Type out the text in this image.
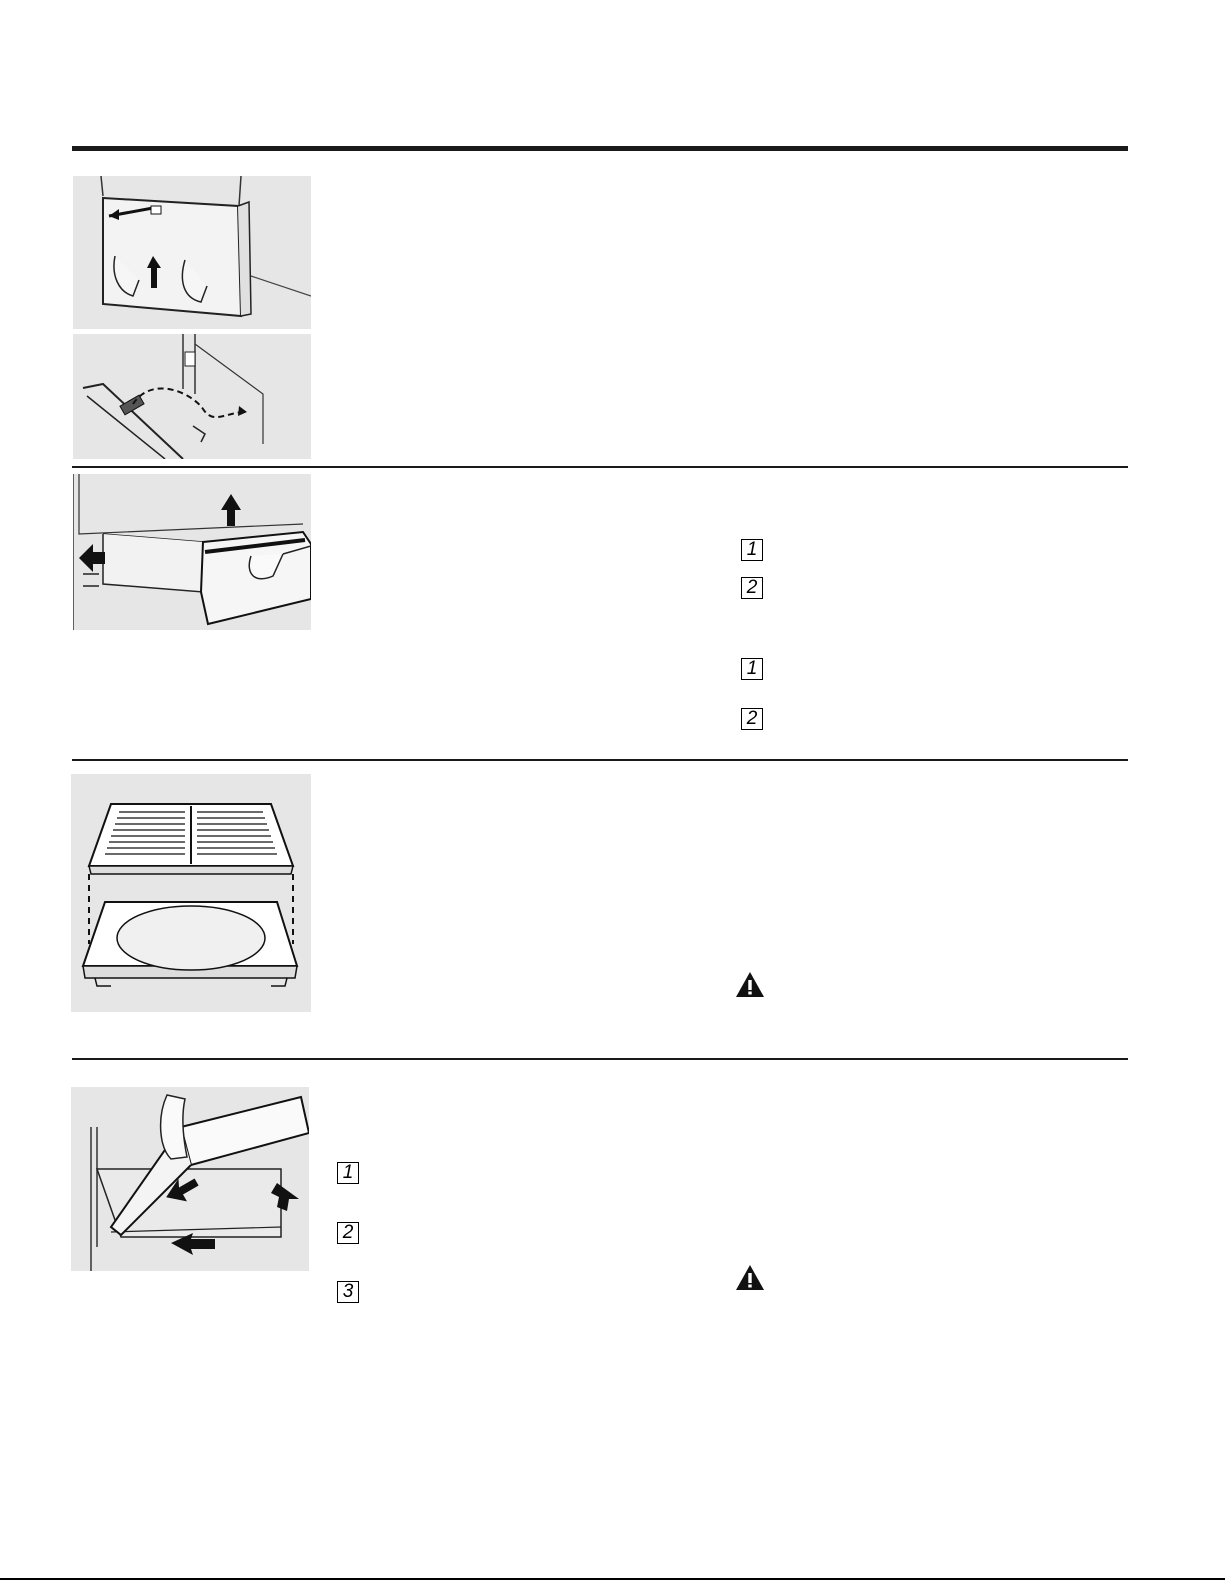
1
2
1
2
1
2
3
